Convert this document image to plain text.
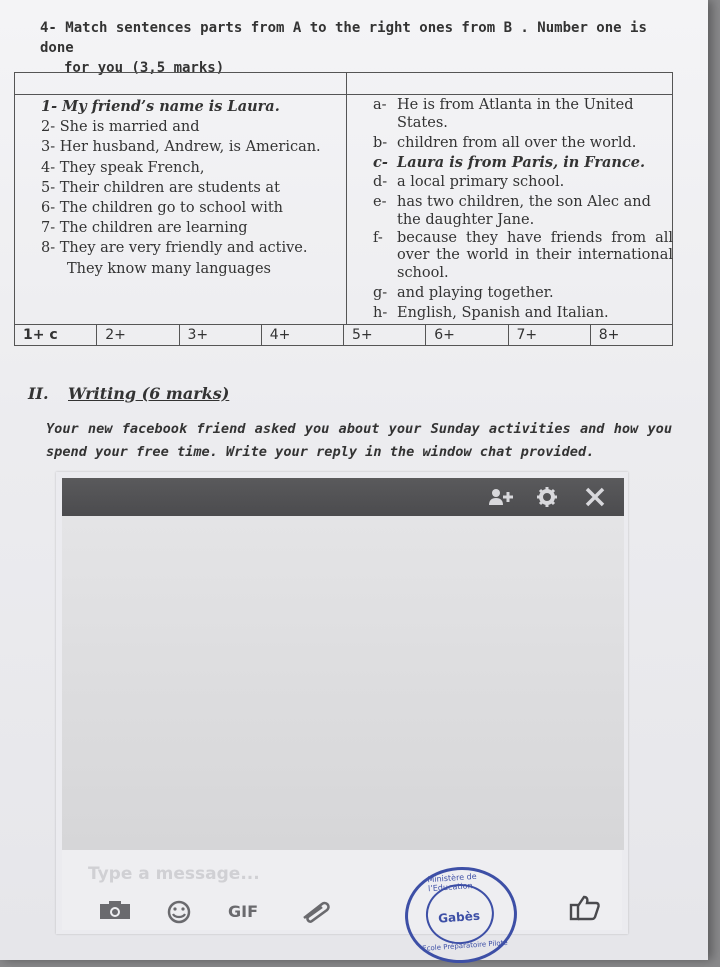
4- Match sentences parts from A to the right ones from B . Number one is done
for you (3,5 marks)
1- My friend’s name is Laura.
2- She is married and
3- Her husband, Andrew, is American.
4- They speak French,
5- Their children are students at
6- The children go to school with
7- The children are learning
8- They are very friendly and active.
They know many languages
a- He is from Atlanta in the United States.
b- children from all over the world.
c- Laura is from Paris, in France.
d- a local primary school.
e- has two children, the son Alec and the daughter Jane.
f- because they have friends from all over the world in their international school.
g- and playing together.
h- English, Spanish and Italian.
1+ c	2+	3+	4+	5+	6+	7+	8+
II. Writing (6 marks)
Your new facebook friend asked you about your Sunday activities and how you spend your free time. Write your reply in the window chat provided.
Type a message...
GIF
Ministère de l’Education
Gabès
Ecole Préparatoire Pilote
